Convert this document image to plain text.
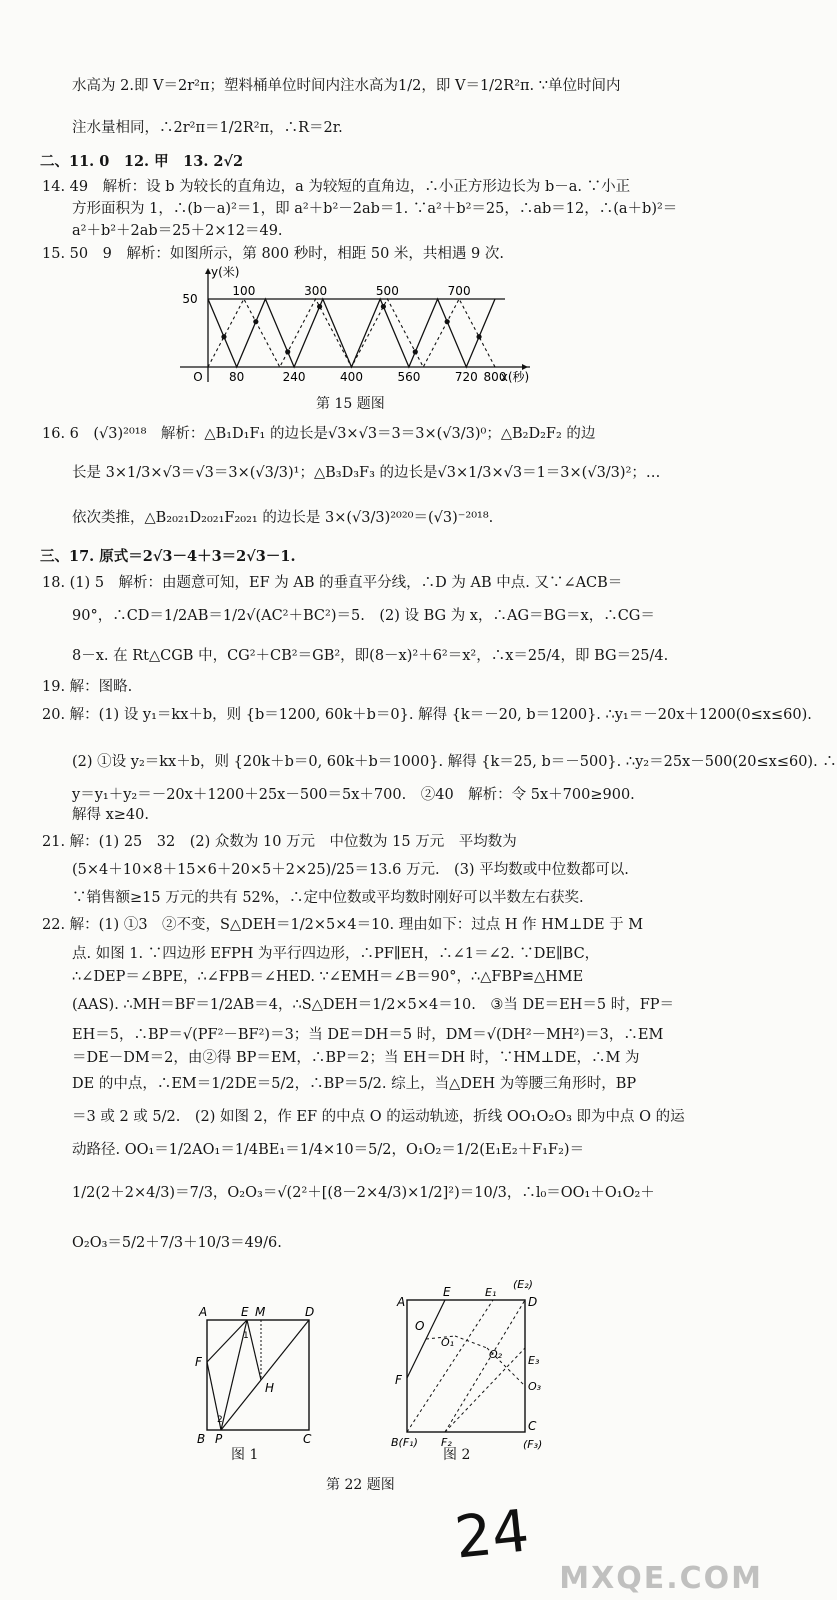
水高为 2.即 V＝2r²π；塑料桶单位时间内注水高为1/2，即 V＝1/2R²π. ∵单位时间内
注水量相同，∴2r²π＝1/2R²π，∴R＝2r.
二、11. 0　12. 甲　13. 2√2
14. 49　解析：设 b 为较长的直角边，a 为较短的直角边，∴小正方形边长为 b－a. ∵小正
方形面积为 1，∴(b－a)²＝1，即 a²＋b²－2ab＝1. ∵a²＋b²＝25，∴ab＝12，∴(a＋b)²＝
a²＋b²＋2ab＝25＋2×12＝49.
15. 50　9　解析：如图所示，第 800 秒时，相距 50 米，共相遇 9 次.
y(米)
50
O
100	300	500	700
80	240	400	560	720 800
x(秒)
第 15 题图
16. 6　(√3)²⁰¹⁸　解析：△B₁D₁F₁ 的边长是√3×√3＝3＝3×(√3/3)⁰；△B₂D₂F₂ 的边
长是 3×1/3×√3＝√3＝3×(√3/3)¹；△B₃D₃F₃ 的边长是√3×1/3×√3＝1＝3×(√3/3)²；…
依次类推，△B₂₀₂₁D₂₀₂₁F₂₀₂₁ 的边长是 3×(√3/3)²⁰²⁰＝(√3)⁻²⁰¹⁸.
三、17. 原式＝2√3－4＋3＝2√3－1.
18. (1) 5　解析：由题意可知，EF 为 AB 的垂直平分线，∴D 为 AB 中点. 又∵∠ACB＝
90°，∴CD＝1/2AB＝1/2√(AC²＋BC²)＝5.　(2) 设 BG 为 x，∴AG＝BG＝x，∴CG＝
8－x. 在 Rt△CGB 中，CG²＋CB²＝GB²，即(8－x)²＋6²＝x²，∴x＝25/4，即 BG＝25/4.
19. 解：图略.
20. 解：(1) 设 y₁＝kx＋b，则 {b＝1200, 60k＋b＝0}. 解得 {k＝－20, b＝1200}. ∴y₁＝－20x＋1200(0≤x≤60).
(2) ①设 y₂＝kx＋b，则 {20k＋b＝0, 60k＋b＝1000}. 解得 {k＝25, b＝－500}. ∴y₂＝25x－500(20≤x≤60). ∴
y＝y₁＋y₂＝－20x＋1200＋25x－500＝5x＋700.　②40　解析：令 5x＋700≥900.
解得 x≥40.
21. 解：(1) 25　32　(2) 众数为 10 万元　中位数为 15 万元　平均数为
(5×4＋10×8＋15×6＋20×5＋2×25)/25＝13.6 万元.　(3) 平均数或中位数都可以.
∵销售额≥15 万元的共有 52%，∴定中位数或平均数时刚好可以半数左右获奖.
22. 解：(1) ①3　②不变，S△DEH＝1/2×5×4＝10. 理由如下：过点 H 作 HM⊥DE 于 M
点. 如图 1. ∵四边形 EFPH 为平行四边形，∴PF∥EH，∴∠1＝∠2. ∵DE∥BC，
∴∠DEP＝∠BPE，∴∠FPB＝∠HED. ∵∠EMH＝∠B＝90°，∴△FBP≌△HME
(AAS). ∴MH＝BF＝1/2AB＝4，∴S△DEH＝1/2×5×4＝10.　③当 DE＝EH＝5 时，FP＝
EH＝5，∴BP＝√(PF²－BF²)＝3；当 DE＝DH＝5 时，DM＝√(DH²－MH²)＝3，∴EM
＝DE－DM＝2，由②得 BP＝EM，∴BP＝2；当 EH＝DH 时，∵HM⊥DE，∴M 为
DE 的中点，∴EM＝1/2DE＝5/2，∴BP＝5/2. 综上，当△DEH 为等腰三角形时，BP
＝3 或 2 或 5/2.　(2) 如图 2，作 EF 的中点 O 的运动轨迹，折线 OO₁O₂O₃ 即为中点 O 的运
动路径. OO₁＝1/2AO₁＝1/4BE₁＝1/4×10＝5/2，O₁O₂＝1/2(E₁E₂＋F₁F₂)＝
1/2(2＋2×4/3)＝7/3，O₂O₃＝√(2²＋[(8－2×4/3)×1/2]²)＝10/3，∴l₀＝OO₁＋O₁O₂＋
O₂O₃＝5/2＋7/3＋10/3＝49/6.
A	E M	D
F
H
B P	C
1
2
图 1
A
E	E₁
(E₂)
D
O
O₁
O₂ E₃
O₃
F
B(F₁) F₂
C
(F₃)
图 2
第 22 题图
24
MXQE.COM
